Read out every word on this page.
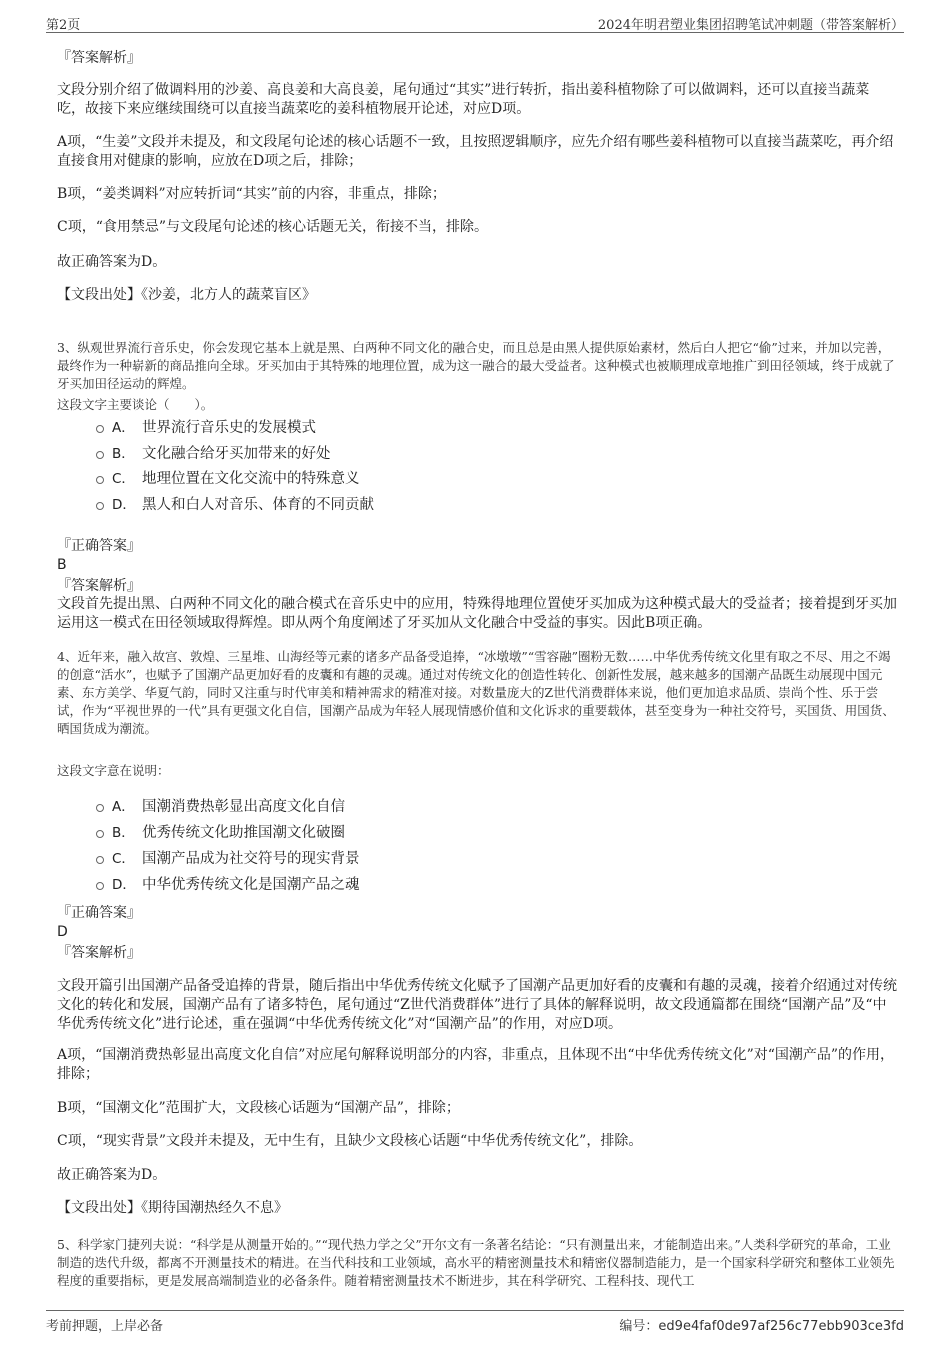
第2页	2024年明君塑业集团招聘笔试冲刺题（带答案解析）
『答案解析』

文段分别介绍了做调料用的沙姜、高良姜和大高良姜，尾句通过“其实”进行转折，指出姜科植物除了可以做调料，还可以直接当蔬菜吃，故接下来应继续围绕可以直接当蔬菜吃的姜科植物展开论述，对应D项。

A项，“生姜”文段并未提及，和文段尾句论述的核心话题不一致，且按照逻辑顺序，应先介绍有哪些姜科植物可以直接当蔬菜吃，再介绍直接食用对健康的影响，应放在D项之后，排除；

B项，“姜类调料”对应转折词“其实”前的内容，非重点，排除；

C项，“食用禁忌”与文段尾句论述的核心话题无关，衔接不当，排除。

故正确答案为D。

【文段出处】《沙姜，北方人的蔬菜盲区》

3、纵观世界流行音乐史，你会发现它基本上就是黑、白两种不同文化的融合史，而且总是由黑人提供原始素材，然后白人把它“偷”过来，并加以完善，最终作为一种崭新的商品推向全球。牙买加由于其特殊的地理位置，成为这一融合的最大受益者。这种模式也被顺理成章地推广到田径领域，终于成就了牙买加田径运动的辉煌。

这段文字主要谈论（　　）。

A． 世界流行音乐史的发展模式
B． 文化融合给牙买加带来的好处
C． 地理位置在文化交流中的特殊意义
D． 黑人和白人对音乐、体育的不同贡献
『正确答案』
B
『答案解析』

文段首先提出黑、白两种不同文化的融合模式在音乐史中的应用，特殊得地理位置使牙买加成为这种模式最大的受益者；接着提到牙买加运用这一模式在田径领域取得辉煌。即从两个角度阐述了牙买加从文化融合中受益的事实。因此B项正确。

4、近年来，融入故宫、敦煌、三星堆、山海经等元素的诸多产品备受追捧，“冰墩墩”“雪容融”圈粉无数……中华优秀传统文化里有取之不尽、用之不竭的创意“活水”，也赋予了国潮产品更加好看的皮囊和有趣的灵魂。通过对传统文化的创造性转化、创新性发展，越来越多的国潮产品既生动展现中国元素、东方美学、华夏气韵，同时又注重与时代审美和精神需求的精准对接。对数量庞大的Z世代消费群体来说，他们更加追求品质、崇尚个性、乐于尝试，作为“平视世界的一代”具有更强文化自信，国潮产品成为年轻人展现情感价值和文化诉求的重要载体，甚至变身为一种社交符号，买国货、用国货、晒国货成为潮流。

这段文字意在说明：

A． 国潮消费热彰显出高度文化自信
B． 优秀传统文化助推国潮文化破圈
C． 国潮产品成为社交符号的现实背景
D． 中华优秀传统文化是国潮产品之魂
『正确答案』
D
『答案解析』

文段开篇引出国潮产品备受追捧的背景，随后指出中华优秀传统文化赋予了国潮产品更加好看的皮囊和有趣的灵魂，接着介绍通过对传统文化的转化和发展，国潮产品有了诸多特色，尾句通过“Z世代消费群体”进行了具体的解释说明，故文段通篇都在围绕“国潮产品”及“中华优秀传统文化”进行论述，重在强调“中华优秀传统文化”对“国潮产品”的作用，对应D项。

A项，“国潮消费热彰显出高度文化自信”对应尾句解释说明部分的内容，非重点，且体现不出“中华优秀传统文化”对“国潮产品”的作用，排除；

B项，“国潮文化”范围扩大，文段核心话题为“国潮产品”，排除；

C项，“现实背景”文段并未提及，无中生有，且缺少文段核心话题“中华优秀传统文化”，排除。

故正确答案为D。

【文段出处】《期待国潮热经久不息》

5、科学家门捷列夫说：“科学是从测量开始的。”“现代热力学之父”开尔文有一条著名结论：“只有测量出来，才能制造出来。”人类科学研究的革命，工业制造的迭代升级，都离不开测量技术的精进。在当代科技和工业领域，高水平的精密测量技术和精密仪器制造能力，是一个国家科学研究和整体工业领先程度的重要指标，更是发展高端制造业的必备条件。随着精密测量技术不断进步，其在科学研究、工程科技、现代工

考前押题，上岸必备	编号：ed9e4faf0de97af256c77ebb903ce3fd
